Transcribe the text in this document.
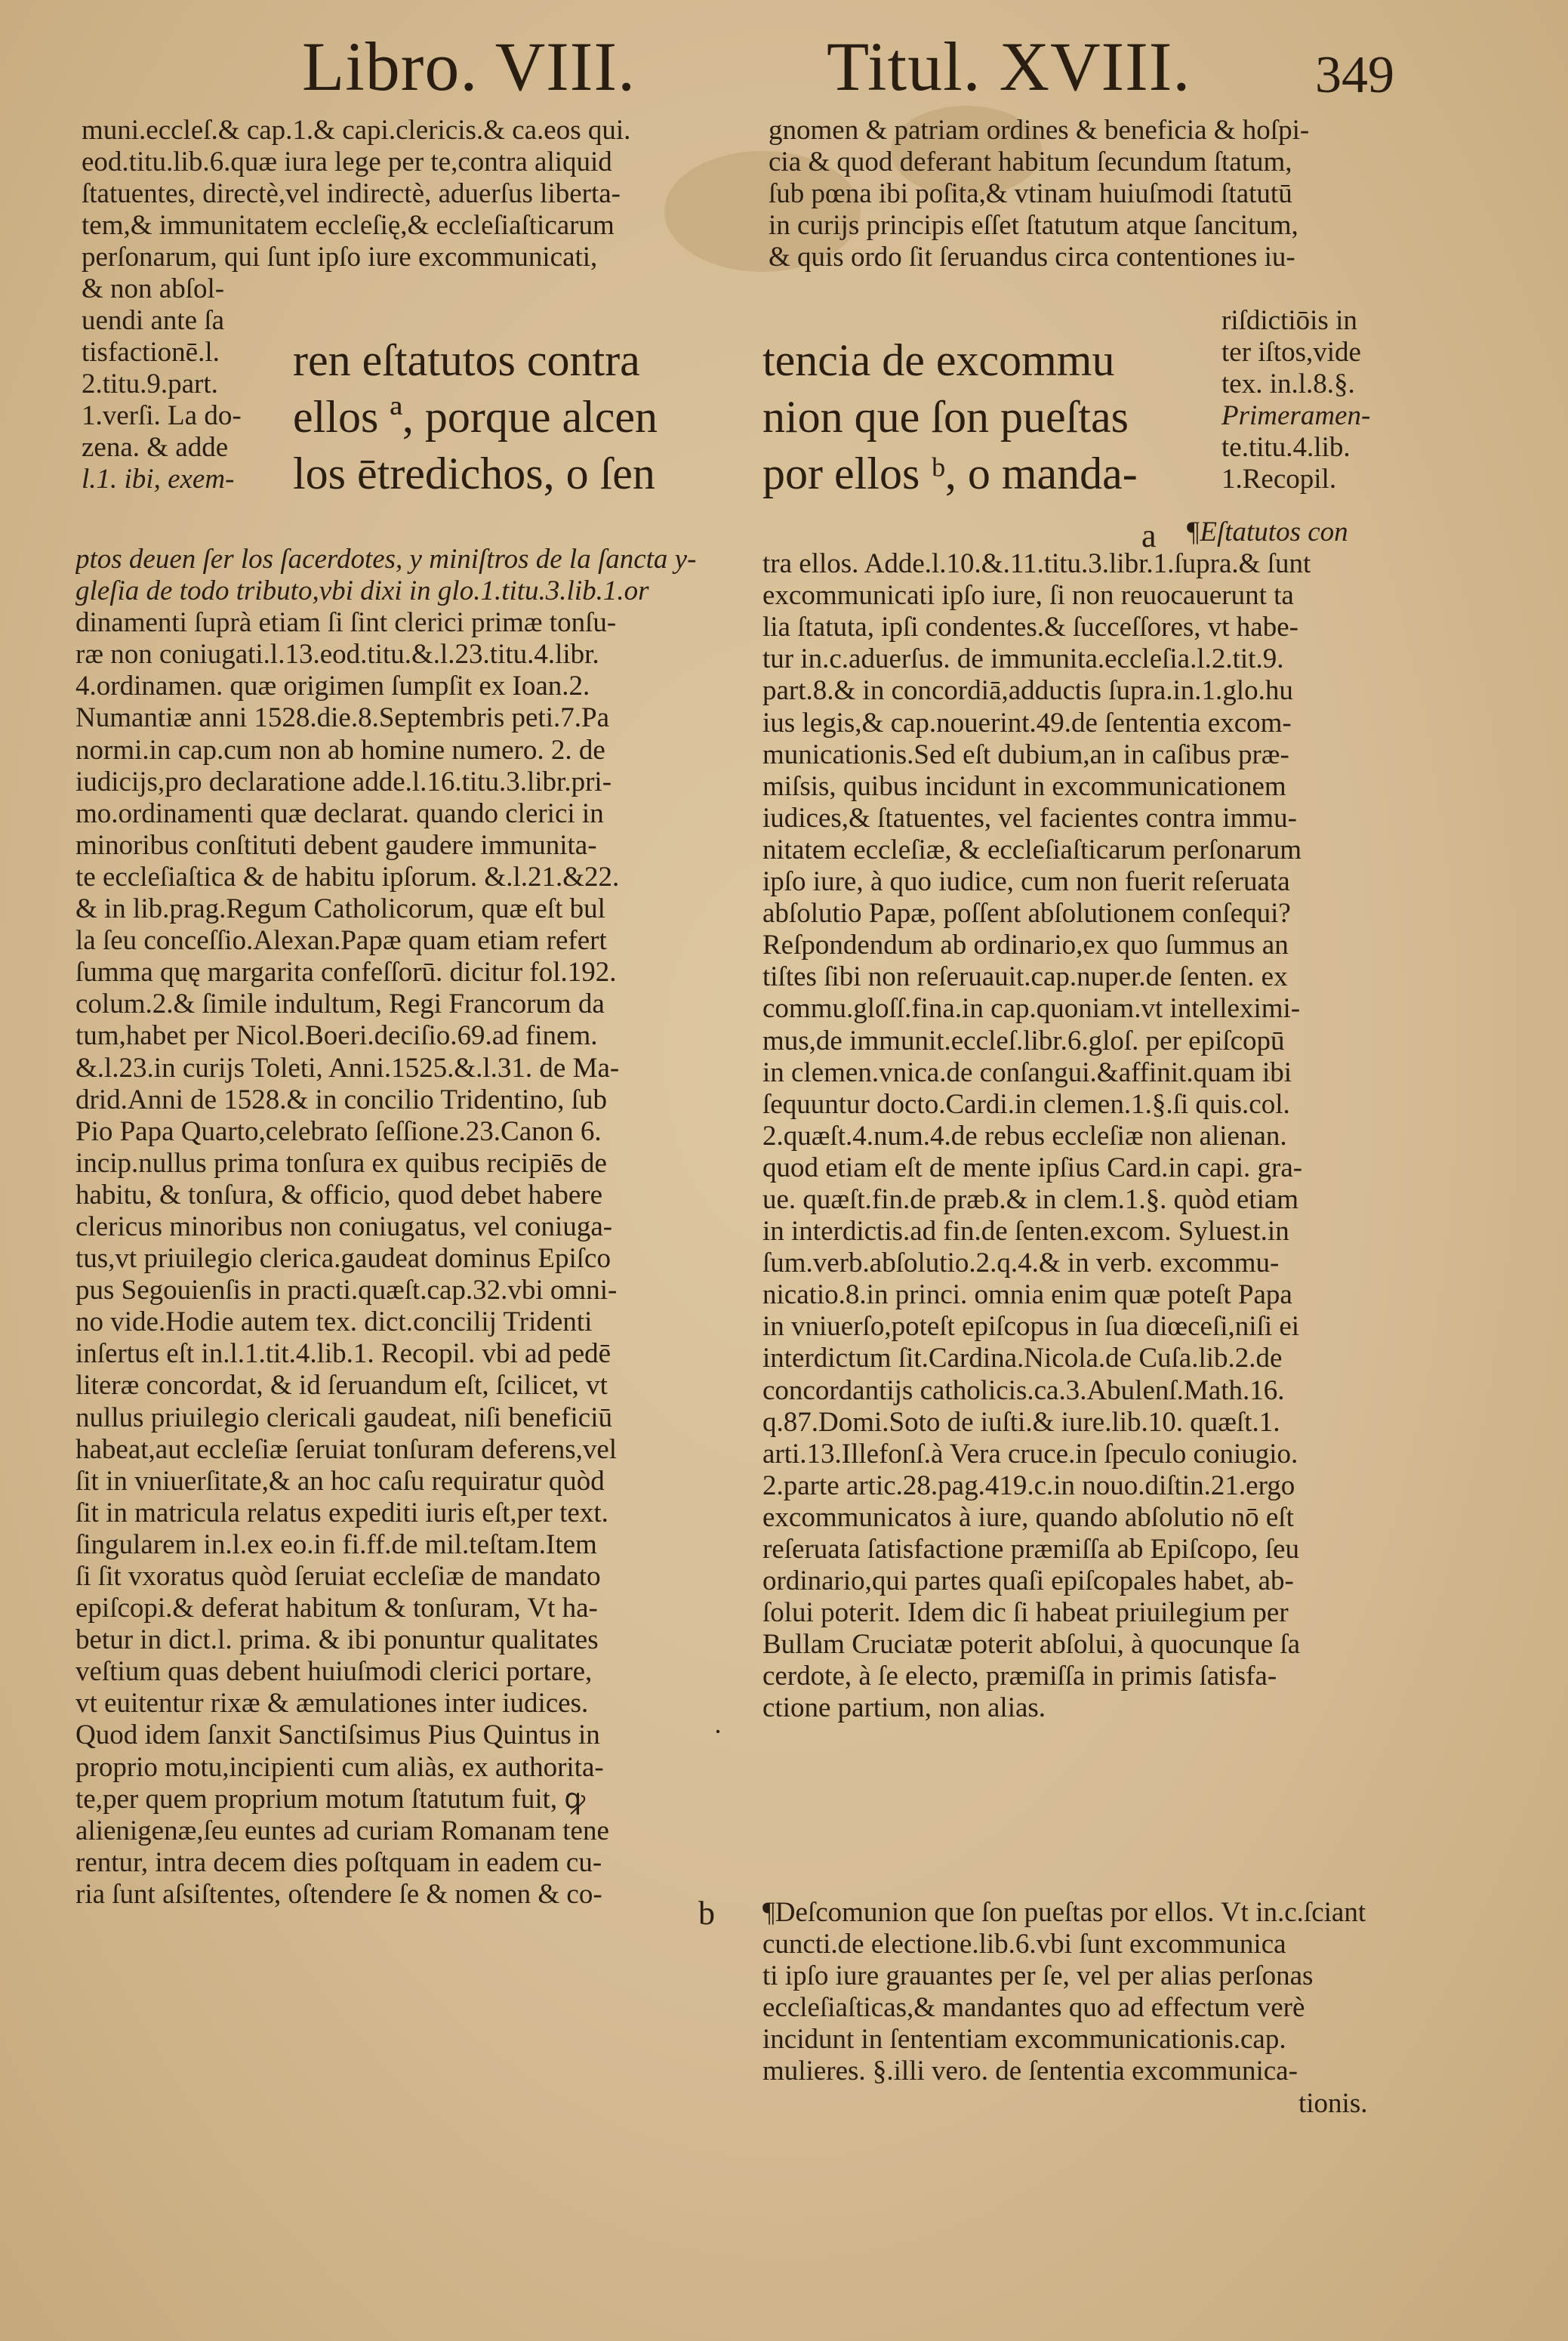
Libro. VIII.	Titul. XVIII. 349
muni.eccleſ.& cap.1.& capi.clericis.& ca.eos qui.
eod.titu.lib.6.quæ iura lege per te,contra aliquid
ſtatuentes, directè,vel indirectè, aduerſus liberta-
tem,& immunitatem eccleſię,& eccleſiaſticarum
perſonarum, qui ſunt ipſo iure excommunicati,
& non abſol-
uendi ante ſa
tisfactionē.l.
2.titu.9.part.
1.verſi. La do-
zena. & adde
l.1. ibi, exem-
ren eſtatutos contra
ellos ª, porque alcen
los ētredichos, o ſen
tencia de excommu
nion que ſon pueſtas
por ellos ᵇ, o manda-
gnomen & patriam ordines & beneficia & hoſpi-
cia & quod deferant habitum ſecundum ſtatum,
ſub pœna ibi poſita,& vtinam huiuſmodi ſtatutū
in curijs principis eſſet ſtatutum atque ſancitum,
& quis ordo ſit ſeruandus circa contentiones iu-
riſdictiōis in
ter iſtos,vide
tex. in.l.8.§.
Primeramen-
te.titu.4.lib.
1.Recopil.
a
b
·
ptos deuen ſer los ſacerdotes, y miniſtros de la ſancta y-
gleſia de todo tributo,vbi dixi in glo.1.titu.3.lib.1.or
dinamenti ſuprà etiam ſi ſint clerici primæ tonſu-
ræ non coniugati.l.13.eod.titu.&.l.23.titu.4.libr.
4.ordinamen. quæ origimen ſumpſit ex Ioan.2.
Numantiæ anni 1528.die.8.Septembris peti.7.Pa
normi.in cap.cum non ab homine numero. 2. de
iudicijs,pro declaratione adde.l.16.titu.3.libr.pri-
mo.ordinamenti quæ declarat. quando clerici in
minoribus conſtituti debent gaudere immunita-
te eccleſiaſtica & de habitu ipſorum. &.l.21.&22.
& in lib.prag.Regum Catholicorum, quæ eſt bul
la ſeu conceſſio.Alexan.Papæ quam etiam refert
ſumma quę margarita confeſſorū. dicitur fol.192.
colum.2.& ſimile indultum, Regi Francorum da
tum,habet per Nicol.Boeri.deciſio.69.ad finem.
&.l.23.in curijs Toleti, Anni.1525.&.l.31. de Ma-
drid.Anni de 1528.& in concilio Tridentino, ſub
Pio Papa Quarto,celebrato ſeſſione.23.Canon 6.
incip.nullus prima tonſura ex quibus recipiēs de
habitu, & tonſura, & officio, quod debet habere
clericus minoribus non coniugatus, vel coniuga-
tus,vt priuilegio clerica.gaudeat dominus Epiſco
pus Segouienſis in practi.quæſt.cap.32.vbi omni-
no vide.Hodie autem tex. dict.concilij Tridenti
inſertus eſt in.l.1.tit.4.lib.1. Recopil. vbi ad pedē
literæ concordat, & id ſeruandum eſt, ſcilicet, vt
nullus priuilegio clericali gaudeat, niſi beneficiū
habeat,aut eccleſiæ ſeruiat tonſuram deferens,vel
ſit in vniuerſitate,& an hoc caſu requiratur quòd
ſit in matricula relatus expediti iuris eſt,per text.
ſingularem in.l.ex eo.in fi.ff.de mil.teſtam.Item
ſi ſit vxoratus quòd ſeruiat eccleſiæ de mandato
epiſcopi.& deferat habitum & tonſuram, Vt ha-
betur in dict.l. prima. & ibi ponuntur qualitates
veſtium quas debent huiuſmodi clerici portare,
vt euitentur rixæ & æmulationes inter iudices.
Quod idem ſanxit Sanctiſsimus Pius Quintus in
proprio motu,incipienti cum aliàs, ex authorita-
te,per quem proprium motum ſtatutum fuit, ꝙ
alienigenæ,ſeu euntes ad curiam Romanam tene
rentur, intra decem dies poſtquam in eadem cu-
ria ſunt aſsiſtentes, oſtendere ſe & nomen & co-
¶Eſtatutos con
tra ellos. Adde.l.10.&.11.titu.3.libr.1.ſupra.& ſunt
excommunicati ipſo iure, ſi non reuocauerunt ta
lia ſtatuta, ipſi condentes.& ſucceſſores, vt habe-
tur in.c.aduerſus. de immunita.eccleſia.l.2.tit.9.
part.8.& in concordiā,adductis ſupra.in.1.glo.hu
ius legis,& cap.nouerint.49.de ſententia excom-
municationis.Sed eſt dubium,an in caſibus præ-
miſsis, quibus incidunt in excommunicationem
iudices,& ſtatuentes, vel facientes contra immu-
nitatem eccleſiæ, & eccleſiaſticarum perſonarum
ipſo iure, à quo iudice, cum non fuerit reſeruata
abſolutio Papæ, poſſent abſolutionem conſequi?
Reſpondendum ab ordinario,ex quo ſummus an
tiſtes ſibi non reſeruauit.cap.nuper.de ſenten. ex
commu.gloſſ.fina.in cap.quoniam.vt intelleximi-
mus,de immunit.eccleſ.libr.6.gloſ. per epiſcopū
in clemen.vnica.de conſangui.&affinit.quam ibi
ſequuntur docto.Cardi.in clemen.1.§.ſi quis.col.
2.quæſt.4.num.4.de rebus eccleſiæ non alienan.
quod etiam eſt de mente ipſius Card.in capi. gra-
ue. quæſt.fin.de præb.& in clem.1.§. quòd etiam
in interdictis.ad fin.de ſenten.excom. Syluest.in
ſum.verb.abſolutio.2.q.4.& in verb. excommu-
nicatio.8.in princi. omnia enim quæ poteſt Papa
in vniuerſo,poteſt epiſcopus in ſua diœceſi,niſi ei
interdictum ſit.Cardina.Nicola.de Cuſa.lib.2.de
concordantijs catholicis.ca.3.Abulenſ.Math.16.
q.87.Domi.Soto de iuſti.& iure.lib.10. quæſt.1.
arti.13.Illefonſ.à Vera cruce.in ſpeculo coniugio.
2.parte artic.28.pag.419.c.in nouo.diſtin.21.ergo
excommunicatos à iure, quando abſolutio nō eſt
reſeruata ſatisfactione præmiſſa ab Epiſcopo, ſeu
ordinario,qui partes quaſi epiſcopales habet, ab-
ſolui poterit. Idem dic ſi habeat priuilegium per
Bullam Cruciatæ poterit abſolui, à quocunque ſa
cerdote, à ſe electo, præmiſſa in primis ſatisfa-
ctione partium, non alias.
¶Deſcomunion que ſon pueſtas por ellos. Vt in.c.ſciant
cuncti.de electione.lib.6.vbi ſunt excommunica
ti ipſo iure grauantes per ſe, vel per alias perſonas
eccleſiaſticas,& mandantes quo ad effectum verè
incidunt in ſententiam excommunicationis.cap.
mulieres. §.illi vero. de ſententia excommunica-
tionis.
